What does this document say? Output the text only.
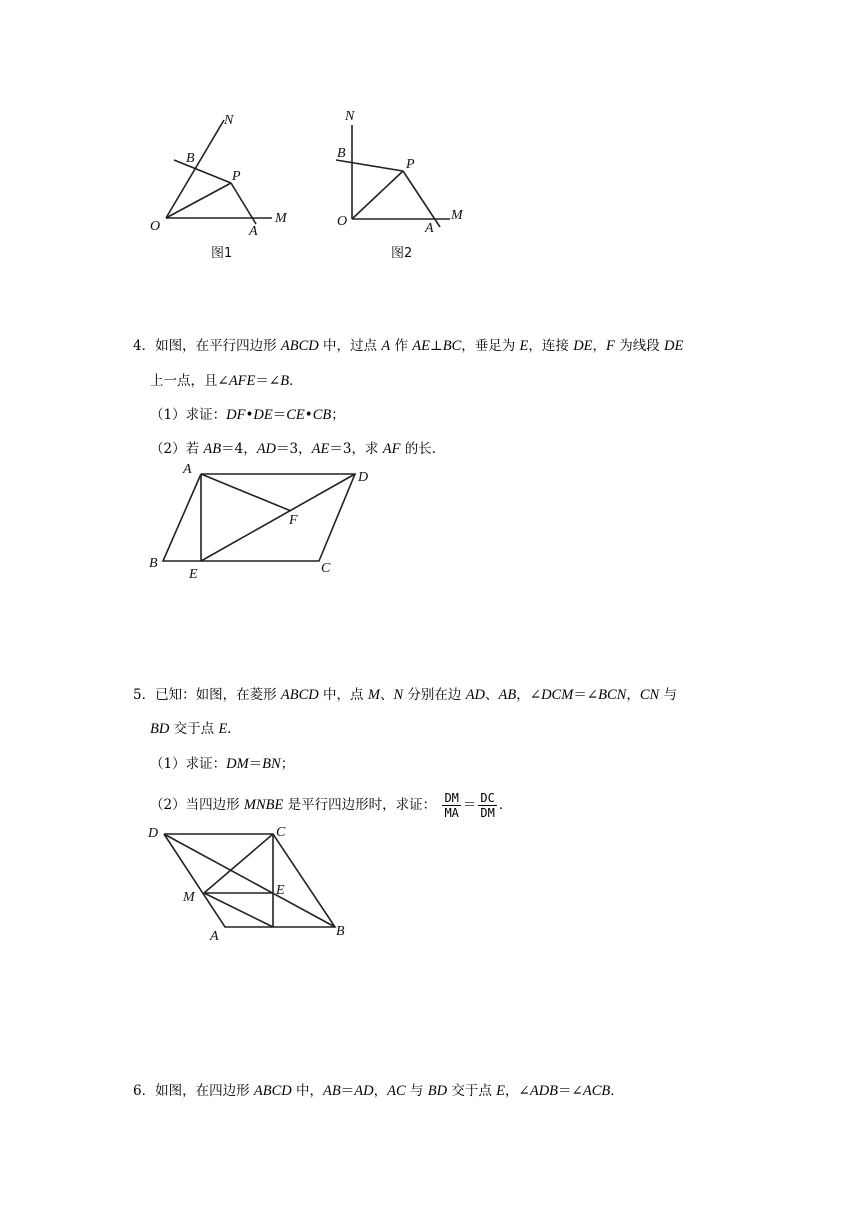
N
B
P
O	A
M
图1
N
B
P
O	A
M
图2
4．如图，在平行四边形 ABCD 中，过点 A 作 AE⊥BC，垂足为 E，连接 DE，F 为线段 DE
上一点，且∠AFE＝∠B．
（1）求证：DF•DE＝CE•CB；
（2）若 AB＝4，AD＝3，AE＝3，求 AF 的长．
A
D
F
B
E	C
5．已知：如图，在菱形 ABCD 中，点 M、N 分别在边 AD、AB，∠DCM＝∠BCN，CN 与
BD 交于点 E．
（1）求证：DM＝BN；
（2）当四边形 MNBE 是平行四边形时，求证： $\frac{DM}{MA} = \frac{DC}{DM}$ ．
D	C
M	E
A	B
6．如图，在四边形 ABCD 中，AB＝AD，AC 与 BD 交于点 E，∠ADB＝∠ACB．
